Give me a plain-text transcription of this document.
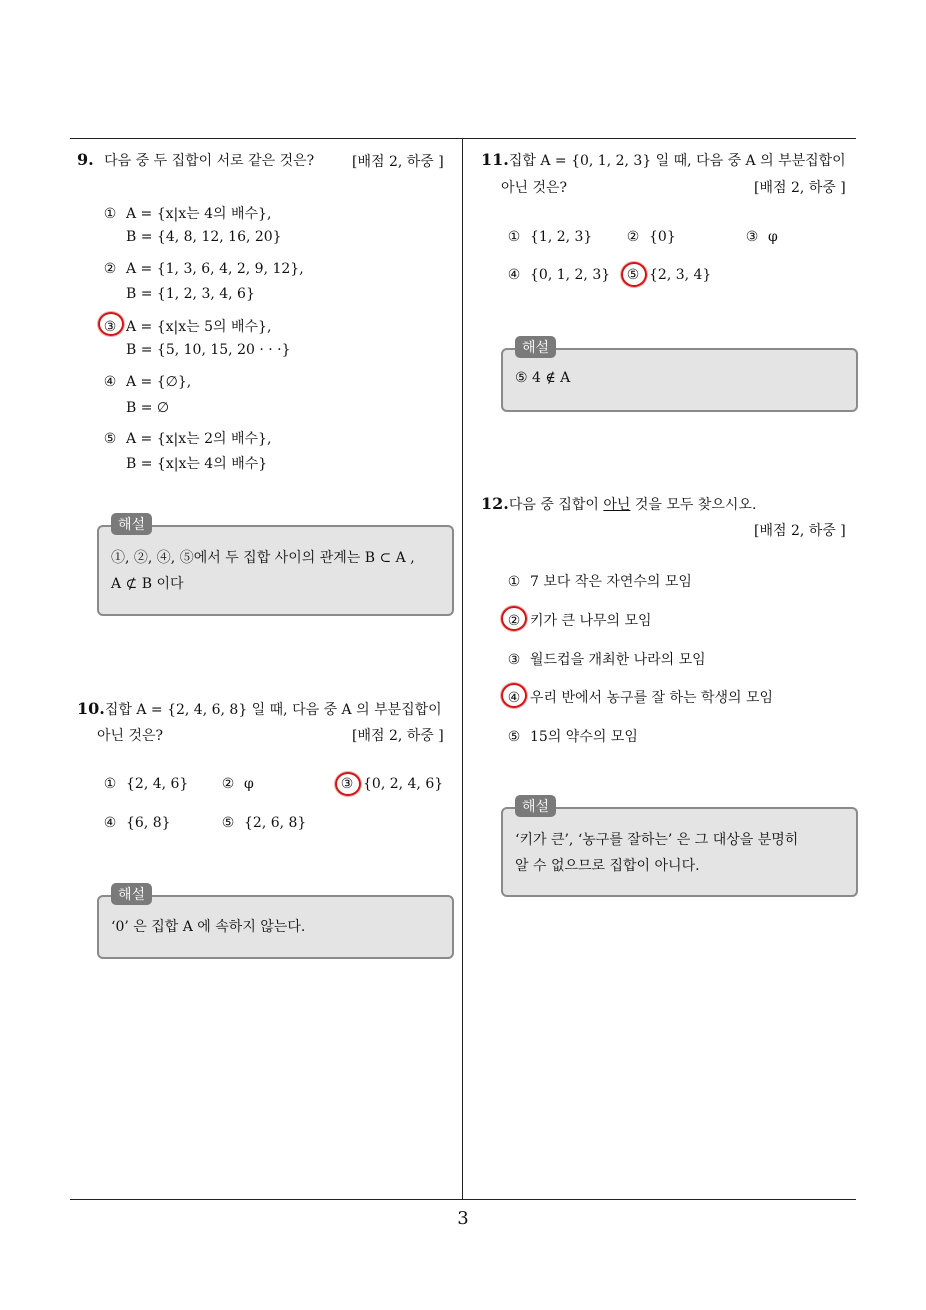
9. 다음 중 두 집합이 서로 같은 것은?	[배점 2, 하중 ]
① A = {x|x는 4의 배수},
B = {4, 8, 12, 16, 20}
② A = {1, 3, 6, 4, 2, 9, 12},
B = {1, 2, 3, 4, 6}
③ A = {x|x는 5의 배수},
B = {5, 10, 15, 20 · · ·}
④ A = {∅},
B = ∅
⑤ A = {x|x는 2의 배수},
B = {x|x는 4의 배수}
①, ②, ④, ⑤에서 두 집합 사이의 관계는 B ⊂ A ,
A ⊄ B 이다
해설
10.집합 A = {2, 4, 6, 8} 일 때, 다음 중 A 의 부분집합이
아닌 것은?	[배점 2, 하중 ]
① {2, 4, 6} ② φ	③ {0, 2, 4, 6}
④ {6, 8}	⑤ {2, 6, 8}
‘0’ 은 집합 A 에 속하지 않는다.
해설
11.집합 A = {0, 1, 2, 3} 일 때, 다음 중 A 의 부분집합이
아닌 것은?	[배점 2, 하중 ]
① {1, 2, 3} ② {0}	③ φ
④ {0, 1, 2, 3} ⑤ {2, 3, 4}
⑤ 4 ∉ A
해설
12.다음 중 집합이 아닌 것을 모두 찾으시오.
[배점 2, 하중 ]
① 7 보다 작은 자연수의 모임
② 키가 큰 나무의 모임
③ 월드컵을 개최한 나라의 모임
④ 우리 반에서 농구를 잘 하는 학생의 모임
⑤ 15의 약수의 모임
‘키가 큰’, ‘농구를 잘하는’ 은 그 대상을 분명히
알 수 없으므로 집합이 아니다.
해설
3
